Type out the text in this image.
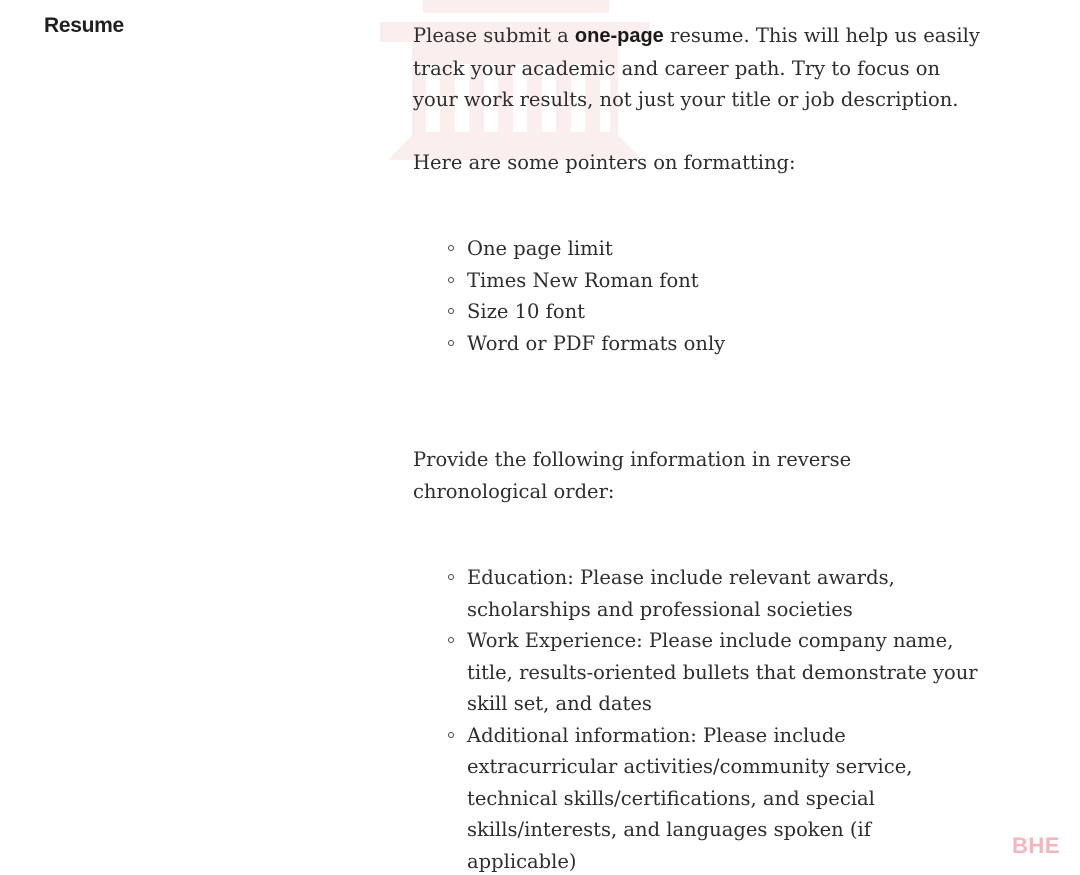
Resume	Please submit a one-page resume. This will help us easily track your academic and career path. Try to focus on your work results, not just your title or job description.

Here are some pointers on formatting:

One page limit
Times New Roman font
Size 10 font
Word or PDF formats only

Provide the following information in reverse chronological order:

Education: Please include relevant awards, scholarships and professional societies
Work Experience: Please include company name, title, results-oriented bullets that demonstrate your skill set, and dates
Additional information: Please include extracurricular activities/community service, technical skills/certifications, and special skills/interests, and languages spoken (if applicable)
BHE
